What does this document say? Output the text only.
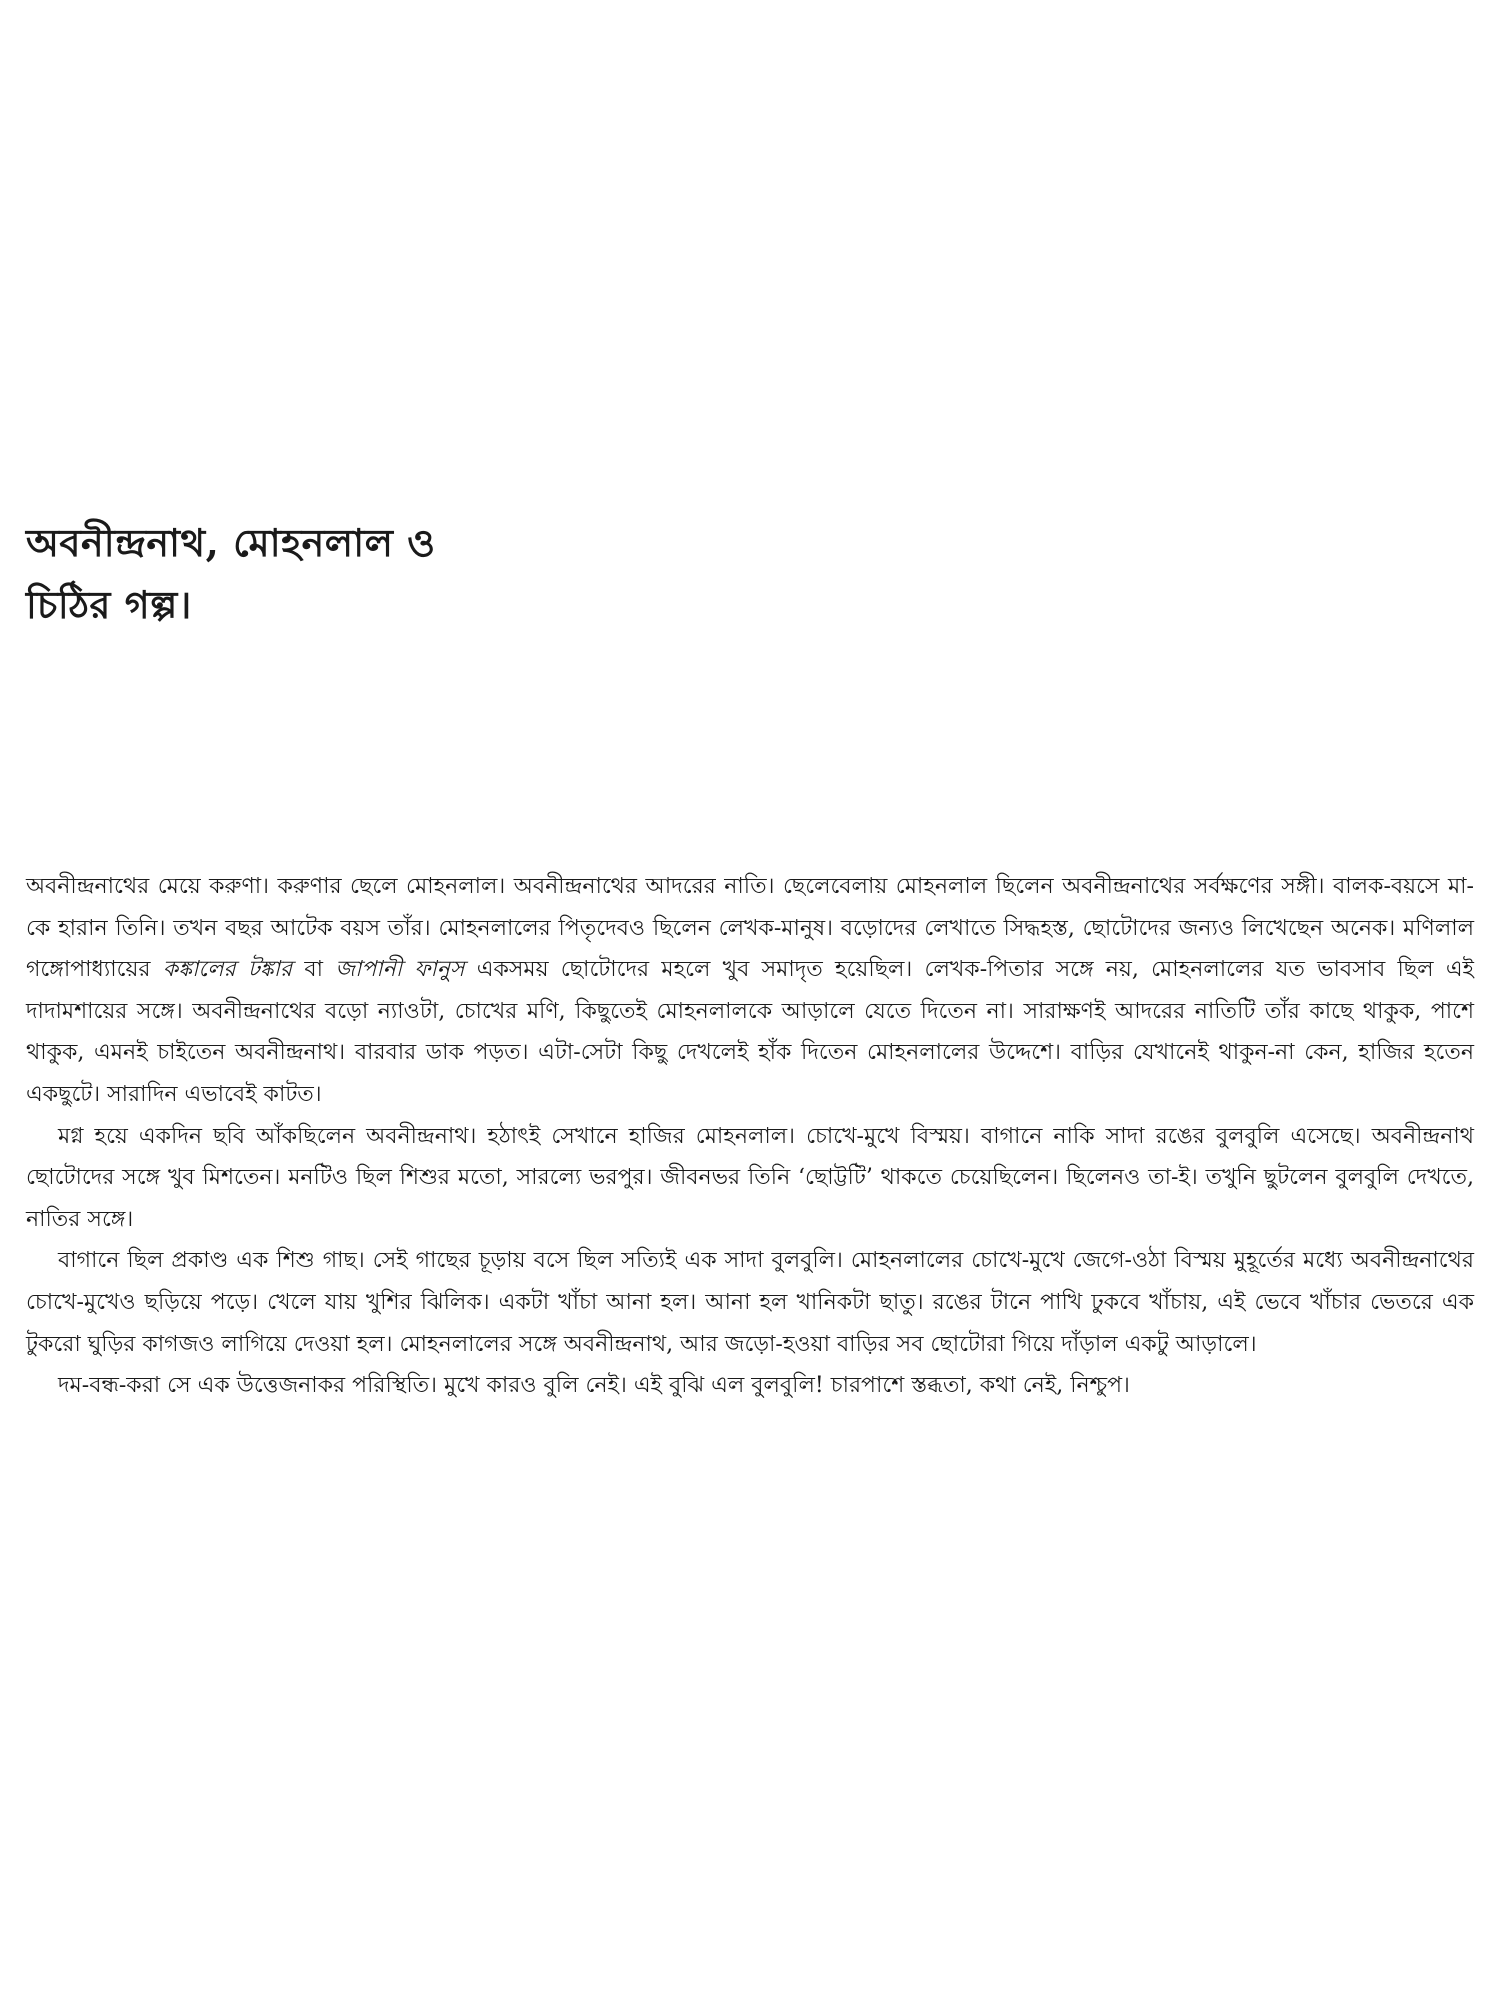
অবনীন্দ্রনাথ, মোহনলাল ও
চিঠির গল্প।

অবনীন্দ্রনাথের মেয়ে করুণা। করুণার ছেলে মোহনলাল। অবনীন্দ্রনাথের আদরের নাতি। ছেলেবেলায় মোহনলাল ছিলেন অবনীন্দ্রনাথের সর্বক্ষণের সঙ্গী। বালক-বয়সে মা-কে হারান তিনি। তখন বছর আটেক বয়স তাঁর। মোহনলালের পিতৃদেবও ছিলেন লেখক-মানুষ। বড়োদের লেখাতে সিদ্ধহস্ত, ছোটোদের জন্যও লিখেছেন অনেক। মণিলাল গঙ্গোপাধ্যায়ের কঙ্কালের টঙ্কার বা জাপানী ফানুস একসময় ছোটোদের মহলে খুব সমাদৃত হয়েছিল। লেখক-পিতার সঙ্গে নয়, মোহনলালের যত ভাবসাব ছিল এই দাদামশায়ের সঙ্গে। অবনীন্দ্রনাথের বড়ো ন্যাওটা, চোখের মণি, কিছুতেই মোহনলালকে আড়ালে যেতে দিতেন না। সারাক্ষণই আদরের নাতিটি তাঁর কাছে থাকুক, পাশে থাকুক, এমনই চাইতেন অবনীন্দ্রনাথ। বারবার ডাক পড়ত। এটা-সেটা কিছু দেখলেই হাঁক দিতেন মোহনলালের উদ্দেশে। বাড়ির যেখানেই থাকুন-না কেন, হাজির হতেন একছুটে। সারাদিন এভাবেই কাটত।

মগ্ন হয়ে একদিন ছবি আঁকছিলেন অবনীন্দ্রনাথ। হঠাৎই সেখানে হাজির মোহনলাল। চোখে-মুখে বিস্ময়। বাগানে নাকি সাদা রঙের বুলবুলি এসেছে। অবনীন্দ্রনাথ ছোটোদের সঙ্গে খুব মিশতেন। মনটিও ছিল শিশুর মতো, সারল্যে ভরপুর। জীবনভর তিনি ‘ছোট্টটি’ থাকতে চেয়েছিলেন। ছিলেনও তা-ই। তখুনি ছুটলেন বুলবুলি দেখতে, নাতির সঙ্গে।

বাগানে ছিল প্রকাণ্ড এক শিশু গাছ। সেই গাছের চূড়ায় বসে ছিল সত্যিই এক সাদা বুলবুলি। মোহনলালের চোখে-মুখে জেগে-ওঠা বিস্ময় মুহূর্তের মধ্যে অবনীন্দ্রনাথের চোখে-মুখেও ছড়িয়ে পড়ে। খেলে যায় খুশির ঝিলিক। একটা খাঁচা আনা হল। আনা হল খানিকটা ছাতু। রঙের টানে পাখি ঢুকবে খাঁচায়, এই ভেবে খাঁচার ভেতরে এক টুকরো ঘুড়ির কাগজও লাগিয়ে দেওয়া হল। মোহনলালের সঙ্গে অবনীন্দ্রনাথ, আর জড়ো-হওয়া বাড়ির সব ছোটোরা গিয়ে দাঁড়াল একটু আড়ালে।

দম-বন্ধ-করা সে এক উত্তেজনাকর পরিস্থিতি। মুখে কারও বুলি নেই। এই বুঝি এল বুলবুলি! চারপাশে স্তব্ধতা, কথা নেই, নিশ্চুপ।
